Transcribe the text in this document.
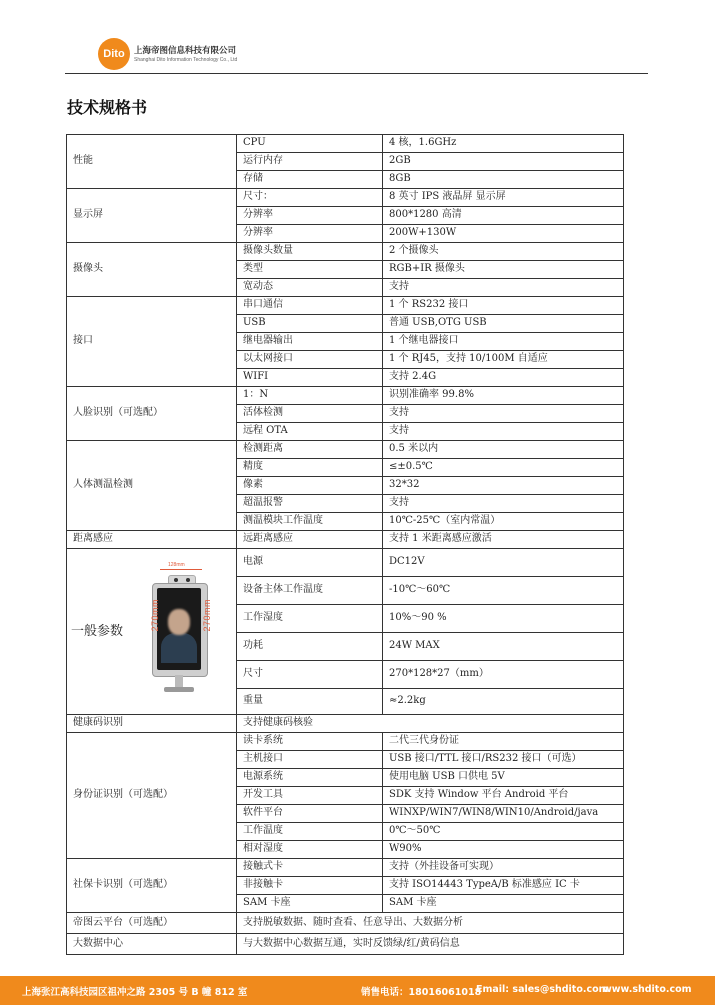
Dito	上海帝图信息科技有限公司
Shanghai Dito Information Technology Co., Ltd
技术规格书
性能	CPU	4 核，1.6GHz
	运行内存	2GB
	存储	8GB
显示屏	尺寸：	8 英寸 IPS 液晶屏 显示屏
	分辨率	800*1280 高清
	分辨率	200W+130W
摄像头	摄像头数量	2 个摄像头
	类型	RGB+IR 摄像头
	宽动态	支持
接口	串口通信	1 个 RS232 接口
	USB	普通 USB,OTG USB
	继电器输出	1 个继电器接口
	以太网接口	1 个 RJ45，支持 10/100M 自适应
	WIFI	支持 2.4G
人脸识别（可选配）	1：N	识别准确率 99.8%
	活体检测	支持
	远程 OTA	支持
人体测温检测	检测距离	0.5 米以内
	精度	≤±0.5℃
	像素	32*32
	超温报警	支持
	测温模块工作温度	10℃-25℃（室内常温）
距离感应	远距离感应	支持 1 米距离感应激活

一般参数
128mm
270mm 270mm	电源	DC12V
	设备主体工作温度	-10℃～60℃
	工作湿度	10%～90 %
	功耗	24W MAX
	尺寸	270*128*27（mm）
	重量	≈2.2kg
健康码识别	支持健康码核验	
身份证识别（可选配）	读卡系统	二代三代身份证
	主机接口	USB 接口/TTL 接口/RS232 接口（可选）
	电源系统	使用电脑 USB 口供电 5V
	开发工具	SDK 支持 Window 平台 Android 平台
	软件平台	WINXP/WIN7/WIN8/WIN10/Android/java
	工作温度	0℃～50℃
	相对湿度	W90%
社保卡识别（可选配）	接触式卡	支持（外挂设备可实现）
	非接触卡	支持 ISO14443 TypeA/B 标准感应 IC 卡
	SAM 卡座	SAM 卡座
帝图云平台（可选配）	支持脱敏数据、随时查看、任意导出、大数据分析	
大数据中心	与大数据中心数据互通，实时反馈绿/红/黄码信息	
上海张江高科技园区祖冲之路 2305 号 B 幢 812 室	销售电话：18016061018
Email: sales@shdito.com
www.shdito.com
